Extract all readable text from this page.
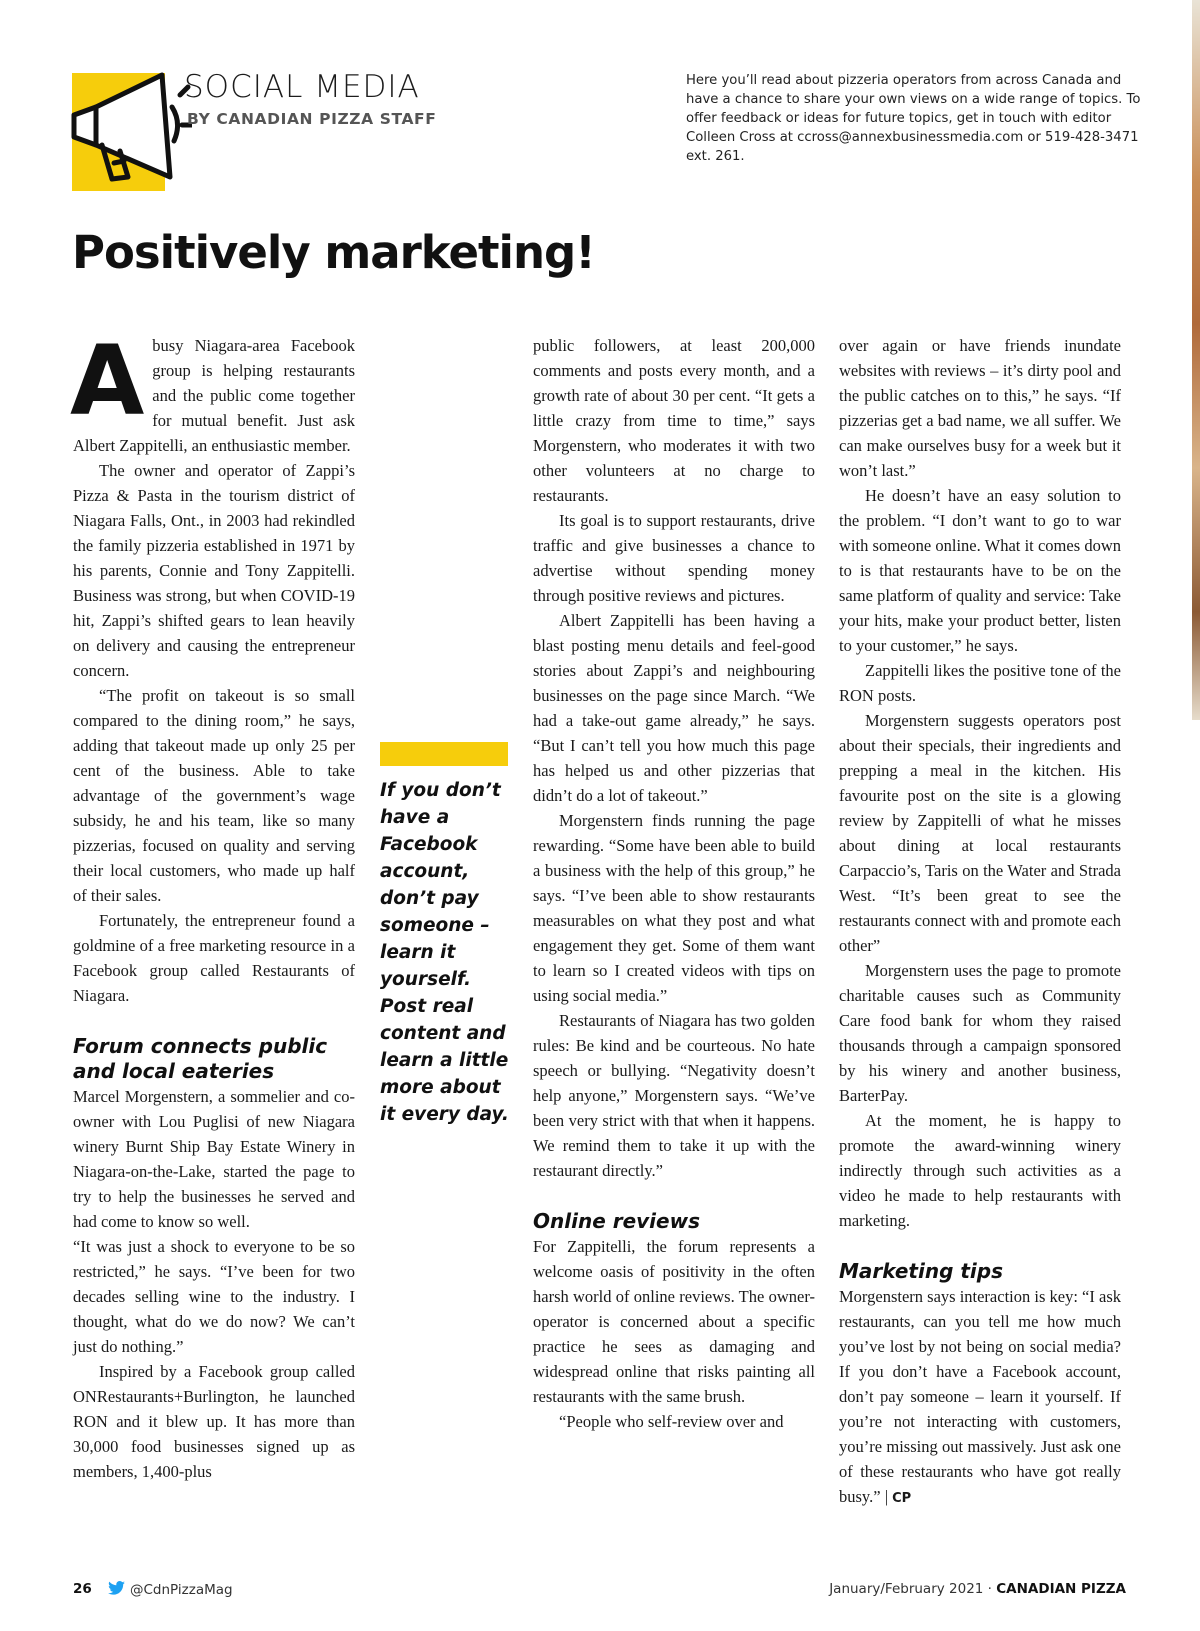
SOCIAL MEDIA
BY CANADIAN PIZZA STAFF
Here you’ll read about pizzeria operators from across Canada and have a chance to share your own views on a wide range of topics. To offer feedback or ideas for future topics, get in touch with editor Colleen Cross at ccross@annexbusinessmedia.com or 519-428-3471 ext. 261.
Positively marketing!
A busy Niagara-area Facebook group is helping restaurants and the public come together for mutual benefit. Just ask Albert Zappitelli, an enthusiastic member.

The owner and operator of Zappi’s Pizza & Pasta in the tourism district of Niagara Falls, Ont., in 2003 had rekindled the family pizzeria established in 1971 by his parents, Connie and Tony Zappitelli. Business was strong, but when COVID-19 hit, Zappi’s shifted gears to lean heavily on delivery and causing the entrepreneur concern.

“The profit on takeout is so small compared to the dining room,” he says, adding that takeout made up only 25 per cent of the business. Able to take advantage of the government’s wage subsidy, he and his team, like so many pizzerias, focused on quality and serving their local customers, who made up half of their sales.

Fortunately, the entrepreneur found a goldmine of a free marketing resource in a Facebook group called Restaurants of Niagara.

Forum connects public and local eateries

Marcel Morgenstern, a sommelier and co-owner with Lou Puglisi of new Niagara winery Burnt Ship Bay Estate Winery in Niagara-on-the-Lake, started the page to try to help the businesses he served and had come to know so well.

“It was just a shock to everyone to be so restricted,” he says. “I’ve been for two decades selling wine to the industry. I thought, what do we do now? We can’t just do nothing.”

Inspired by a Facebook group called ONRestaurants+Burlington, he launched RON and it blew up. It has more than 30,000 food businesses signed up as members, 1,400-plus

If you don’t have a Facebook account, don’t pay someone – learn it yourself. Post real content and learn a little more about it every day.

public followers, at least 200,000 comments and posts every month, and a growth rate of about 30 per cent. “It gets a little crazy from time to time,” says Morgenstern, who moderates it with two other volunteers at no charge to restaurants.

Its goal is to support restaurants, drive traffic and give businesses a chance to advertise without spending money through positive reviews and pictures.

Albert Zappitelli has been having a blast posting menu details and feel-good stories about Zappi’s and neighbouring businesses on the page since March. “We had a take-out game already,” he says. “But I can’t tell you how much this page has helped us and other pizzerias that didn’t do a lot of takeout.”

Morgenstern finds running the page rewarding. “Some have been able to build a business with the help of this group,” he says. “I’ve been able to show restaurants measurables on what they post and what engagement they get. Some of them want to learn so I created videos with tips on using social media.”

Restaurants of Niagara has two golden rules: Be kind and be courteous. No hate speech or bullying. “Negativity doesn’t help anyone,” Morgenstern says. “We’ve been very strict with that when it happens. We remind them to take it up with the restaurant directly.”

Online reviews

For Zappitelli, the forum represents a welcome oasis of positivity in the often harsh world of online reviews. The owner-operator is concerned about a specific practice he sees as damaging and widespread online that risks painting all restaurants with the same brush.

“People who self-review over and

over again or have friends inundate websites with reviews – it’s dirty pool and the public catches on to this,” he says. “If pizzerias get a bad name, we all suffer. We can make ourselves busy for a week but it won’t last.”

He doesn’t have an easy solution to the problem. “I don’t want to go to war with someone online. What it comes down to is that restaurants have to be on the same platform of quality and service: Take your hits, make your product better, listen to your customer,” he says.

Zappitelli likes the positive tone of the RON posts.

Morgenstern suggests operators post about their specials, their ingredients and prepping a meal in the kitchen. His favourite post on the site is a glowing review by Zappitelli of what he misses about dining at local restaurants Carpaccio’s, Taris on the Water and Strada West. “It’s been great to see the restaurants connect with and promote each other”

Morgenstern uses the page to promote charitable causes such as Community Care food bank for whom they raised thousands through a campaign sponsored by his winery and another business, BarterPay.

At the moment, he is happy to promote the award-winning winery indirectly through such activities as a video he made to help restaurants with marketing.

Marketing tips

Morgenstern says interaction is key: “I ask restaurants, can you tell me how much you’ve lost by not being on social media? If you don’t have a Facebook account, don’t pay someone – learn it yourself. If you’re not interacting with customers, you’re missing out massively. Just ask one of these restaurants who have got really busy.” | CP

26	@CdnPizzaMag	January/February 2021 · CANADIAN PIZZA
